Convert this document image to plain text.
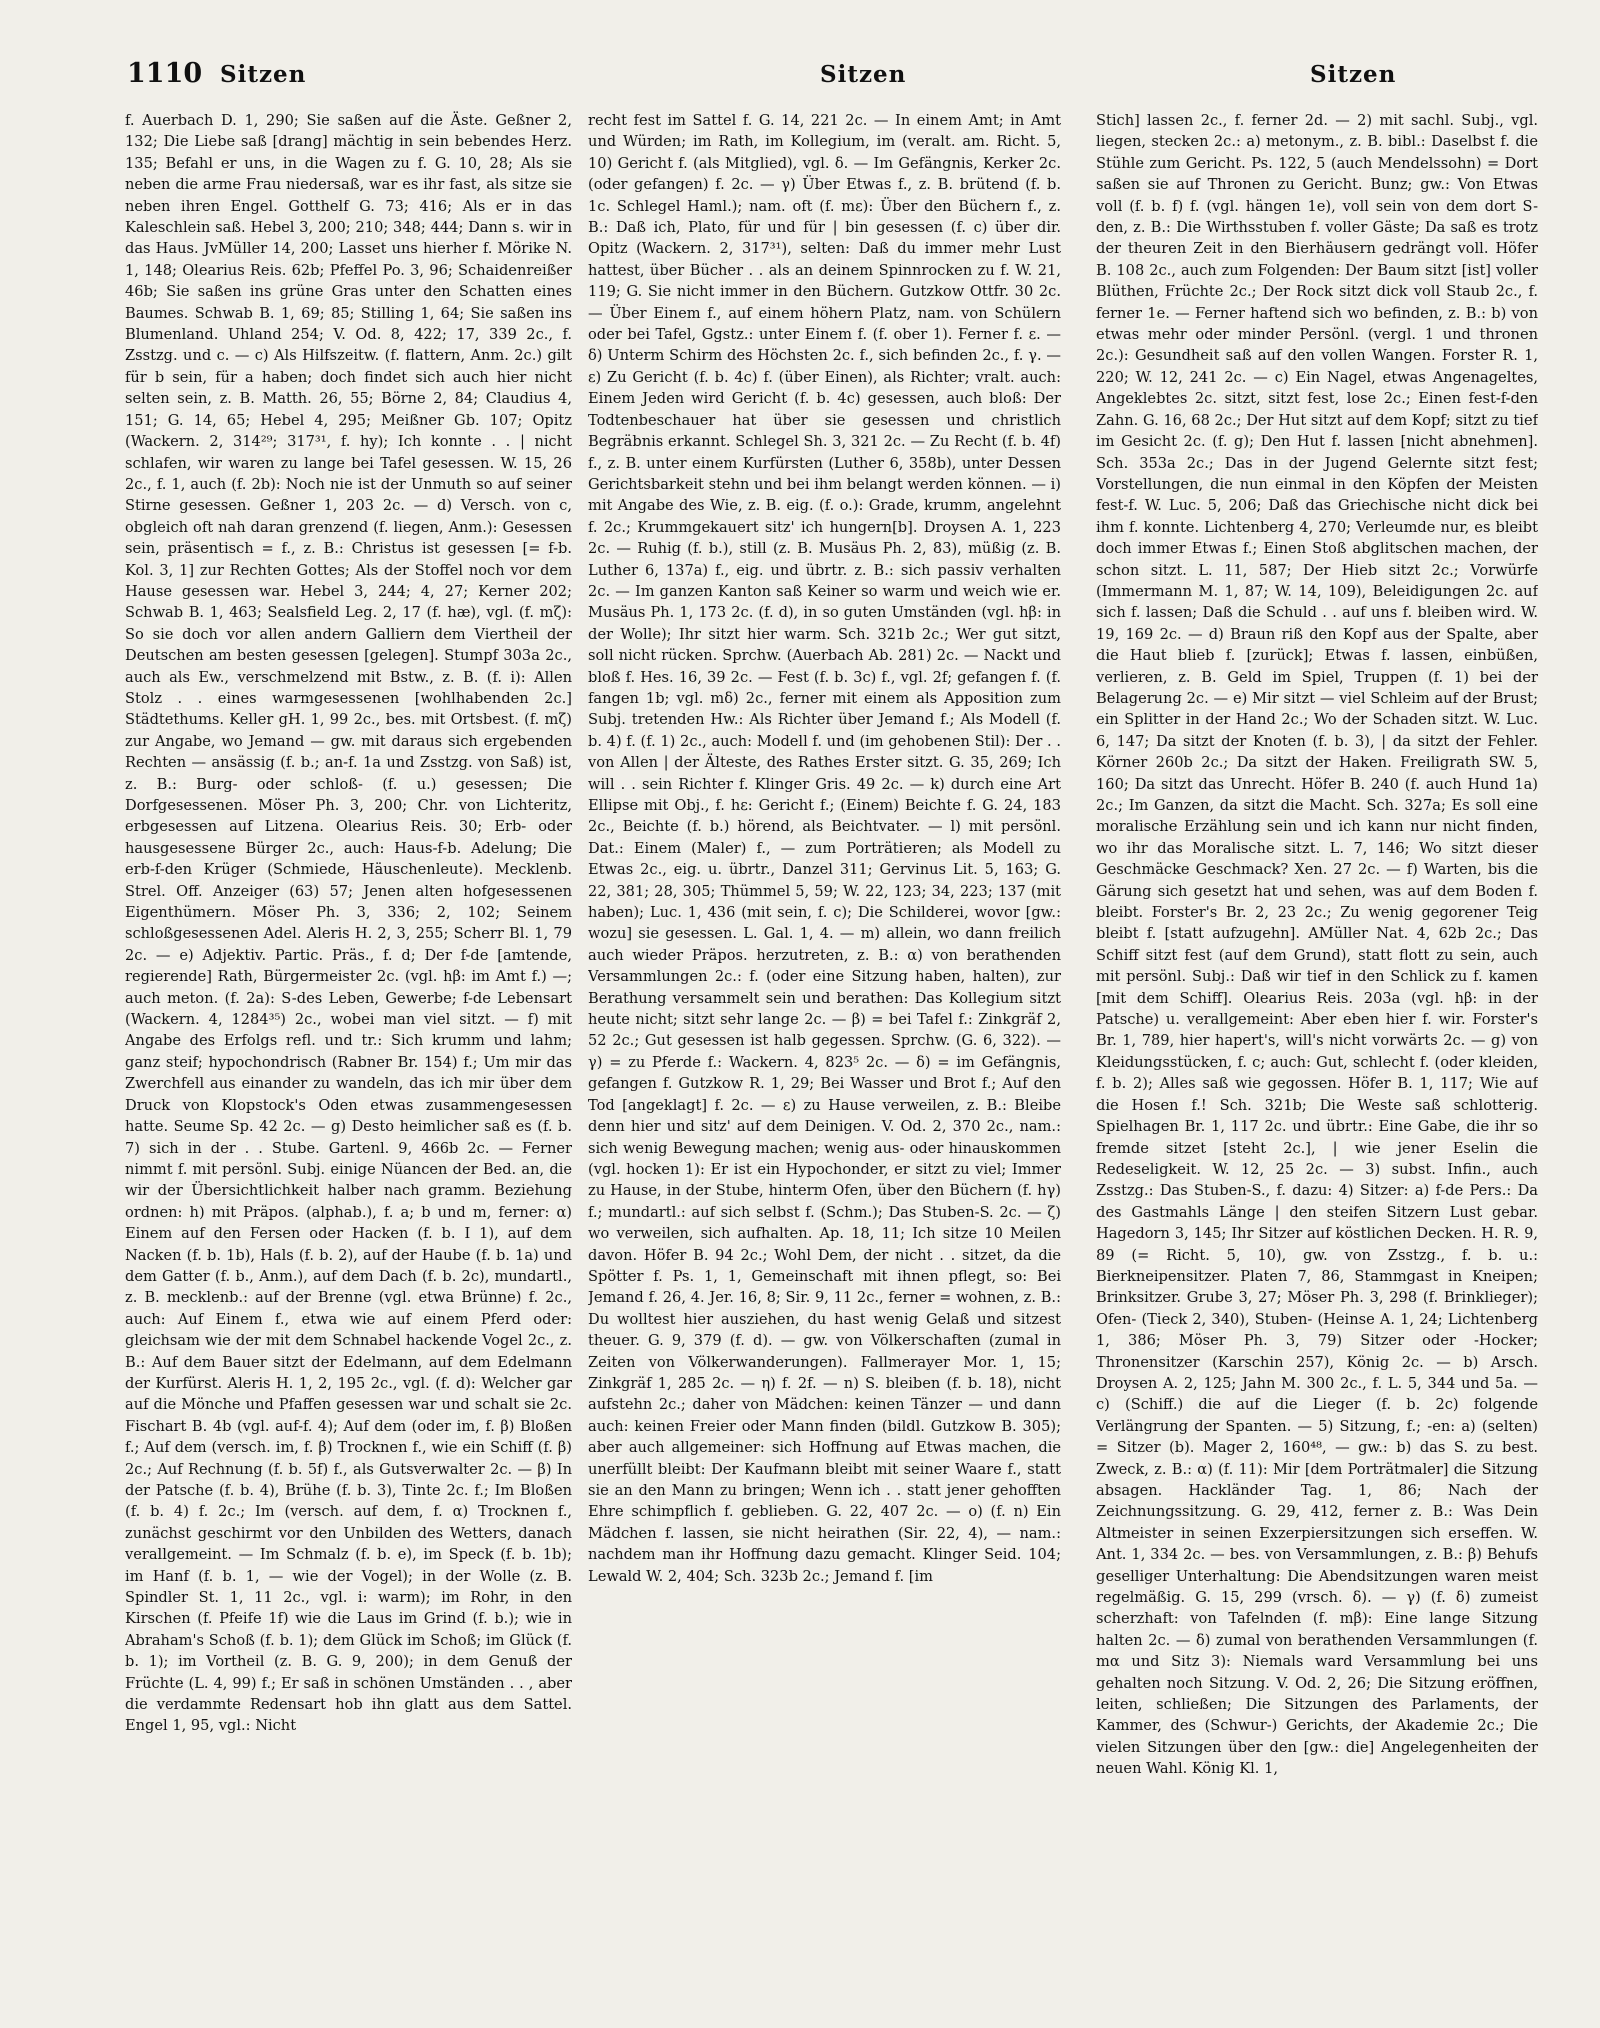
1110 Sitzen	Sitzen	Sitzen

f. Auerbach D. 1, 290; Sie saßen auf die Äste. Geßner 2, 132; Die Liebe saß [drang] mächtig in sein bebendes Herz. 135; Befahl er uns, in die Wagen zu f. G. 10, 28; Als sie neben die arme Frau niedersaß, war es ihr fast, als sitze sie neben ihren Engel. Gotthelf G. 73; 416; Als er in das Kaleschlein saß. Hebel 3, 200; 210; 348; 444; Dann s. wir in das Haus. JvMüller 14, 200; Lasset uns hierher f. Mörike N. 1, 148; Olearius Reis. 62b; Pfeffel Po. 3, 96; Schaidenreißer 46b; Sie saßen ins grüne Gras unter den Schatten eines Baumes. Schwab B. 1, 69; 85; Stilling 1, 64; Sie saßen ins Blumenland. Uhland 254; V. Od. 8, 422; 17, 339 2c., f. Zsstzg. und c. — c) Als Hilfszeitw. (f. flattern, Anm. 2c.) gilt für b sein, für a haben; doch findet sich auch hier nicht selten sein, z. B. Matth. 26, 55; Börne 2, 84; Claudius 4, 151; G. 14, 65; Hebel 4, 295; Meißner Gb. 107; Opitz (Wackern. 2, 314²⁹; 317³¹, f. hy); Ich konnte . . | nicht schlafen, wir waren zu lange bei Tafel gesessen. W. 15, 26 2c., f. 1, auch (f. 2b): Noch nie ist der Unmuth so auf seiner Stirne gesessen. Geßner 1, 203 2c. — d) Versch. von c, obgleich oft nah daran grenzend (f. liegen, Anm.): Gesessen sein, präsentisch = f., z. B.: Christus ist gesessen [= f-b. Kol. 3, 1] zur Rechten Gottes; Als der Stoffel noch vor dem Hause gesessen war. Hebel 3, 244; 4, 27; Kerner 202; Schwab B. 1, 463; Sealsfield Leg. 2, 17 (f. hæ), vgl. (f. mζ): So sie doch vor allen andern Galliern dem Viertheil der Deutschen am besten gesessen [gelegen]. Stumpf 303a 2c., auch als Ew., verschmelzend mit Bstw., z. B. (f. i): Allen Stolz . . eines warmgesessenen [wohlhabenden 2c.] Städtethums. Keller gH. 1, 99 2c., bes. mit Ortsbest. (f. mζ) zur Angabe, wo Jemand — gw. mit daraus sich ergebenden Rechten — ansässig (f. b.; an-f. 1a und Zsstzg. von Saß) ist, z. B.: Burg- oder schloß- (f. u.) gesessen; Die Dorfgesessenen. Möser Ph. 3, 200; Chr. von Lichteritz, erbgesessen auf Litzena. Olearius Reis. 30; Erb- oder hausgesessene Bürger 2c., auch: Haus-f-b. Adelung; Die erb-f-den Krüger (Schmiede, Häuschenleute). Mecklenb. Strel. Off. Anzeiger (63) 57; Jenen alten hofgesessenen Eigenthümern. Möser Ph. 3, 336; 2, 102; Seinem schloßgesessenen Adel. Aleris H. 2, 3, 255; Scherr Bl. 1, 79 2c. — e) Adjektiv. Partic. Präs., f. d; Der f-de [amtende, regierende] Rath, Bürgermeister 2c. (vgl. hβ: im Amt f.) —; auch meton. (f. 2a): S-des Leben, Gewerbe; f-de Lebensart (Wackern. 4, 1284³⁵) 2c., wobei man viel sitzt. — f) mit Angabe des Erfolgs refl. und tr.: Sich krumm und lahm; ganz steif; hypochondrisch (Rabner Br. 154) f.; Um mir das Zwerchfell aus einander zu wandeln, das ich mir über dem Druck von Klopstock's Oden etwas zusammengesessen hatte. Seume Sp. 42 2c. — g) Desto heimlicher saß es (f. b. 7) sich in der . . Stube. Gartenl. 9, 466b 2c. — Ferner nimmt f. mit persönl. Subj. einige Nüancen der Bed. an, die wir der Übersichtlichkeit halber nach gramm. Beziehung ordnen: h) mit Präpos. (alphab.), f. a; b und m, ferner: α) Einem auf den Fersen oder Hacken (f. b. I 1), auf dem Nacken (f. b. 1b), Hals (f. b. 2), auf der Haube (f. b. 1a) und dem Gatter (f. b., Anm.), auf dem Dach (f. b. 2c), mundartl., z. B. mecklenb.: auf der Brenne (vgl. etwa Brünne) f. 2c., auch: Auf Einem f., etwa wie auf einem Pferd oder: gleichsam wie der mit dem Schnabel hackende Vogel 2c., z. B.: Auf dem Bauer sitzt der Edelmann, auf dem Edelmann der Kurfürst. Aleris H. 1, 2, 195 2c., vgl. (f. d): Welcher gar auf die Mönche und Pfaffen gesessen war und schalt sie 2c. Fischart B. 4b (vgl. auf-f. 4); Auf dem (oder im, f. β) Bloßen f.; Auf dem (versch. im, f. β) Trocknen f., wie ein Schiff (f. β) 2c.; Auf Rechnung (f. b. 5f) f., als Gutsverwalter 2c. — β) In der Patsche (f. b. 4), Brühe (f. b. 3), Tinte 2c. f.; Im Bloßen (f. b. 4) f. 2c.; Im (versch. auf dem, f. α) Trocknen f., zunächst geschirmt vor den Unbilden des Wetters, danach verallgemeint. — Im Schmalz (f. b. e), im Speck (f. b. 1b); im Hanf (f. b. 1, — wie der Vogel); in der Wolle (z. B. Spindler St. 1, 11 2c., vgl. i: warm); im Rohr, in den Kirschen (f. Pfeife 1f) wie die Laus im Grind (f. b.); wie in Abraham's Schoß (f. b. 1); dem Glück im Schoß; im Glück (f. b. 1); im Vortheil (z. B. G. 9, 200); in dem Genuß der Früchte (L. 4, 99) f.; Er saß in schönen Umständen . . , aber die verdammte Redensart hob ihn glatt aus dem Sattel. Engel 1, 95, vgl.: Nicht

recht fest im Sattel f. G. 14, 221 2c. — In einem Amt; in Amt und Würden; im Rath, im Kollegium, im (veralt. am. Richt. 5, 10) Gericht f. (als Mitglied), vgl. δ. — Im Gefängnis, Kerker 2c. (oder gefangen) f. 2c. — γ) Über Etwas f., z. B. brütend (f. b. 1c. Schlegel Haml.); nam. oft (f. mε): Über den Büchern f., z. B.: Daß ich, Plato, für und für | bin gesessen (f. c) über dir. Opitz (Wackern. 2, 317³¹), selten: Daß du immer mehr Lust hattest, über Bücher . . als an deinem Spinnrocken zu f. W. 21, 119; G. Sie nicht immer in den Büchern. Gutzkow Ottfr. 30 2c. — Über Einem f., auf einem höhern Platz, nam. von Schülern oder bei Tafel, Ggstz.: unter Einem f. (f. ober 1). Ferner f. ε. — δ) Unterm Schirm des Höchsten 2c. f., sich befinden 2c., f. γ. — ε) Zu Gericht (f. b. 4c) f. (über Einen), als Richter; vralt. auch: Einem Jeden wird Gericht (f. b. 4c) gesessen, auch bloß: Der Todtenbeschauer hat über sie gesessen und christlich Begräbnis erkannt. Schlegel Sh. 3, 321 2c. — Zu Recht (f. b. 4f) f., z. B. unter einem Kurfürsten (Luther 6, 358b), unter Dessen Gerichtsbarkeit stehn und bei ihm belangt werden können. — i) mit Angabe des Wie, z. B. eig. (f. o.): Grade, krumm, angelehnt f. 2c.; Krummgekauert sitz' ich hungern[b]. Droysen A. 1, 223 2c. — Ruhig (f. b.), still (z. B. Musäus Ph. 2, 83), müßig (z. B. Luther 6, 137a) f., eig. und übrtr. z. B.: sich passiv verhalten 2c. — Im ganzen Kanton saß Keiner so warm und weich wie er. Musäus Ph. 1, 173 2c. (f. d), in so guten Umständen (vgl. hβ: in der Wolle); Ihr sitzt hier warm. Sch. 321b 2c.; Wer gut sitzt, soll nicht rücken. Sprchw. (Auerbach Ab. 281) 2c. — Nackt und bloß f. Hes. 16, 39 2c. — Fest (f. b. 3c) f., vgl. 2f; gefangen f. (f. fangen 1b; vgl. mδ) 2c., ferner mit einem als Apposition zum Subj. tretenden Hw.: Als Richter über Jemand f.; Als Modell (f. b. 4) f. (f. 1) 2c., auch: Modell f. und (im gehobenen Stil): Der . . von Allen | der Älteste, des Rathes Erster sitzt. G. 35, 269; Ich will . . sein Richter f. Klinger Gris. 49 2c. — k) durch eine Art Ellipse mit Obj., f. hε: Gericht f.; (Einem) Beichte f. G. 24, 183 2c., Beichte (f. b.) hörend, als Beichtvater. — l) mit persönl. Dat.: Einem (Maler) f., — zum Porträtieren; als Modell zu Etwas 2c., eig. u. übrtr., Danzel 311; Gervinus Lit. 5, 163; G. 22, 381; 28, 305; Thümmel 5, 59; W. 22, 123; 34, 223; 137 (mit haben); Luc. 1, 436 (mit sein, f. c); Die Schilderei, wovor [gw.: wozu] sie gesessen. L. Gal. 1, 4. — m) allein, wo dann freilich auch wieder Präpos. herzutreten, z. B.: α) von berathenden Versammlungen 2c.: f. (oder eine Sitzung haben, halten), zur Berathung versammelt sein und berathen: Das Kollegium sitzt heute nicht; sitzt sehr lange 2c. — β) = bei Tafel f.: Zinkgräf 2, 52 2c.; Gut gesessen ist halb gegessen. Sprchw. (G. 6, 322). — γ) = zu Pferde f.: Wackern. 4, 823⁵ 2c. — δ) = im Gefängnis, gefangen f. Gutzkow R. 1, 29; Bei Wasser und Brot f.; Auf den Tod [angeklagt] f. 2c. — ε) zu Hause verweilen, z. B.: Bleibe denn hier und sitz' auf dem Deinigen. V. Od. 2, 370 2c., nam.: sich wenig Bewegung machen; wenig aus- oder hinauskommen (vgl. hocken 1): Er ist ein Hypochonder, er sitzt zu viel; Immer zu Hause, in der Stube, hinterm Ofen, über den Büchern (f. hγ) f.; mundartl.: auf sich selbst f. (Schm.); Das Stuben-S. 2c. — ζ) wo verweilen, sich aufhalten. Ap. 18, 11; Ich sitze 10 Meilen davon. Höfer B. 94 2c.; Wohl Dem, der nicht . . sitzet, da die Spötter f. Ps. 1, 1, Gemeinschaft mit ihnen pflegt, so: Bei Jemand f. 26, 4. Jer. 16, 8; Sir. 9, 11 2c., ferner = wohnen, z. B.: Du wolltest hier ausziehen, du hast wenig Gelaß und sitzest theuer. G. 9, 379 (f. d). — gw. von Völkerschaften (zumal in Zeiten von Völkerwanderungen). Fallmerayer Mor. 1, 15; Zinkgräf 1, 285 2c. — η) f. 2f. — n) S. bleiben (f. b. 18), nicht aufstehn 2c.; daher von Mädchen: keinen Tänzer — und dann auch: keinen Freier oder Mann finden (bildl. Gutzkow B. 305); aber auch allgemeiner: sich Hoffnung auf Etwas machen, die unerfüllt bleibt: Der Kaufmann bleibt mit seiner Waare f., statt sie an den Mann zu bringen; Wenn ich . . statt jener gehofften Ehre schimpflich f. geblieben. G. 22, 407 2c. — o) (f. n) Ein Mädchen f. lassen, sie nicht heirathen (Sir. 22, 4), — nam.: nachdem man ihr Hoffnung dazu gemacht. Klinger Seid. 104; Lewald W. 2, 404; Sch. 323b 2c.; Jemand f. [im

Stich] lassen 2c., f. ferner 2d. — 2) mit sachl. Subj., vgl. liegen, stecken 2c.: a) metonym., z. B. bibl.: Daselbst f. die Stühle zum Gericht. Ps. 122, 5 (auch Mendelssohn) = Dort saßen sie auf Thronen zu Gericht. Bunz; gw.: Von Etwas voll (f. b. f) f. (vgl. hängen 1e), voll sein von dem dort S-den, z. B.: Die Wirthsstuben f. voller Gäste; Da saß es trotz der theuren Zeit in den Bierhäusern gedrängt voll. Höfer B. 108 2c., auch zum Folgenden: Der Baum sitzt [ist] voller Blüthen, Früchte 2c.; Der Rock sitzt dick voll Staub 2c., f. ferner 1e. — Ferner haftend sich wo befinden, z. B.: b) von etwas mehr oder minder Persönl. (vergl. 1 und thronen 2c.): Gesundheit saß auf den vollen Wangen. Forster R. 1, 220; W. 12, 241 2c. — c) Ein Nagel, etwas Angenageltes, Angeklebtes 2c. sitzt, sitzt fest, lose 2c.; Einen fest-f-den Zahn. G. 16, 68 2c.; Der Hut sitzt auf dem Kopf; sitzt zu tief im Gesicht 2c. (f. g); Den Hut f. lassen [nicht abnehmen]. Sch. 353a 2c.; Das in der Jugend Gelernte sitzt fest; Vorstellungen, die nun einmal in den Köpfen der Meisten fest-f. W. Luc. 5, 206; Daß das Griechische nicht dick bei ihm f. konnte. Lichtenberg 4, 270; Verleumde nur, es bleibt doch immer Etwas f.; Einen Stoß abglitschen machen, der schon sitzt. L. 11, 587; Der Hieb sitzt 2c.; Vorwürfe (Immermann M. 1, 87; W. 14, 109), Beleidigungen 2c. auf sich f. lassen; Daß die Schuld . . auf uns f. bleiben wird. W. 19, 169 2c. — d) Braun riß den Kopf aus der Spalte, aber die Haut blieb f. [zurück]; Etwas f. lassen, einbüßen, verlieren, z. B. Geld im Spiel, Truppen (f. 1) bei der Belagerung 2c. — e) Mir sitzt — viel Schleim auf der Brust; ein Splitter in der Hand 2c.; Wo der Schaden sitzt. W. Luc. 6, 147; Da sitzt der Knoten (f. b. 3), | da sitzt der Fehler. Körner 260b 2c.; Da sitzt der Haken. Freiligrath SW. 5, 160; Da sitzt das Unrecht. Höfer B. 240 (f. auch Hund 1a) 2c.; Im Ganzen, da sitzt die Macht. Sch. 327a; Es soll eine moralische Erzählung sein und ich kann nur nicht finden, wo ihr das Moralische sitzt. L. 7, 146; Wo sitzt dieser Geschmäcke Geschmack? Xen. 27 2c. — f) Warten, bis die Gärung sich gesetzt hat und sehen, was auf dem Boden f. bleibt. Forster's Br. 2, 23 2c.; Zu wenig gegorener Teig bleibt f. [statt aufzugehn]. AMüller Nat. 4, 62b 2c.; Das Schiff sitzt fest (auf dem Grund), statt flott zu sein, auch mit persönl. Subj.: Daß wir tief in den Schlick zu f. kamen [mit dem Schiff]. Olearius Reis. 203a (vgl. hβ: in der Patsche) u. verallgemeint: Aber eben hier f. wir. Forster's Br. 1, 789, hier hapert's, will's nicht vorwärts 2c. — g) von Kleidungsstücken, f. c; auch: Gut, schlecht f. (oder kleiden, f. b. 2); Alles saß wie gegossen. Höfer B. 1, 117; Wie auf die Hosen f.! Sch. 321b; Die Weste saß schlotterig. Spielhagen Br. 1, 117 2c. und übrtr.: Eine Gabe, die ihr so fremde sitzet [steht 2c.], | wie jener Eselin die Redeseligkeit. W. 12, 25 2c. — 3) subst. Infin., auch Zsstzg.: Das Stuben-S., f. dazu: 4) Sitzer: a) f-de Pers.: Da des Gastmahls Länge | den steifen Sitzern Lust gebar. Hagedorn 3, 145; Ihr Sitzer auf köstlichen Decken. H. R. 9, 89 (= Richt. 5, 10), gw. von Zsstzg., f. b. u.: Bierkneipensitzer. Platen 7, 86, Stammgast in Kneipen; Brinksitzer. Grube 3, 27; Möser Ph. 3, 298 (f. Brinklieger); Ofen- (Tieck 2, 340), Stuben- (Heinse A. 1, 24; Lichtenberg 1, 386; Möser Ph. 3, 79) Sitzer oder -Hocker; Thronensitzer (Karschin 257), König 2c. — b) Arsch. Droysen A. 2, 125; Jahn M. 300 2c., f. L. 5, 344 und 5a. — c) (Schiff.) die auf die Lieger (f. b. 2c) folgende Verlängrung der Spanten. — 5) Sitzung, f.; -en: a) (selten) = Sitzer (b). Mager 2, 160⁴⁸, — gw.: b) das S. zu best. Zweck, z. B.: α) (f. 11): Mir [dem Porträtmaler] die Sitzung absagen. Hackländer Tag. 1, 86; Nach der Zeichnungssitzung. G. 29, 412, ferner z. B.: Was Dein Altmeister in seinen Exzerpiersitzungen sich erseffen. W. Ant. 1, 334 2c. — bes. von Versammlungen, z. B.: β) Behufs geselliger Unterhaltung: Die Abendsitzungen waren meist regelmäßig. G. 15, 299 (vrsch. δ). — γ) (f. δ) zumeist scherzhaft: von Tafelnden (f. mβ): Eine lange Sitzung halten 2c. — δ) zumal von berathenden Versammlungen (f. mα und Sitz 3): Niemals ward Versammlung bei uns gehalten noch Sitzung. V. Od. 2, 26; Die Sitzung eröffnen, leiten, schließen; Die Sitzungen des Parlaments, der Kammer, des (Schwur-) Gerichts, der Akademie 2c.; Die vielen Sitzungen über den [gw.: die] Angelegenheiten der neuen Wahl. König Kl. 1,
